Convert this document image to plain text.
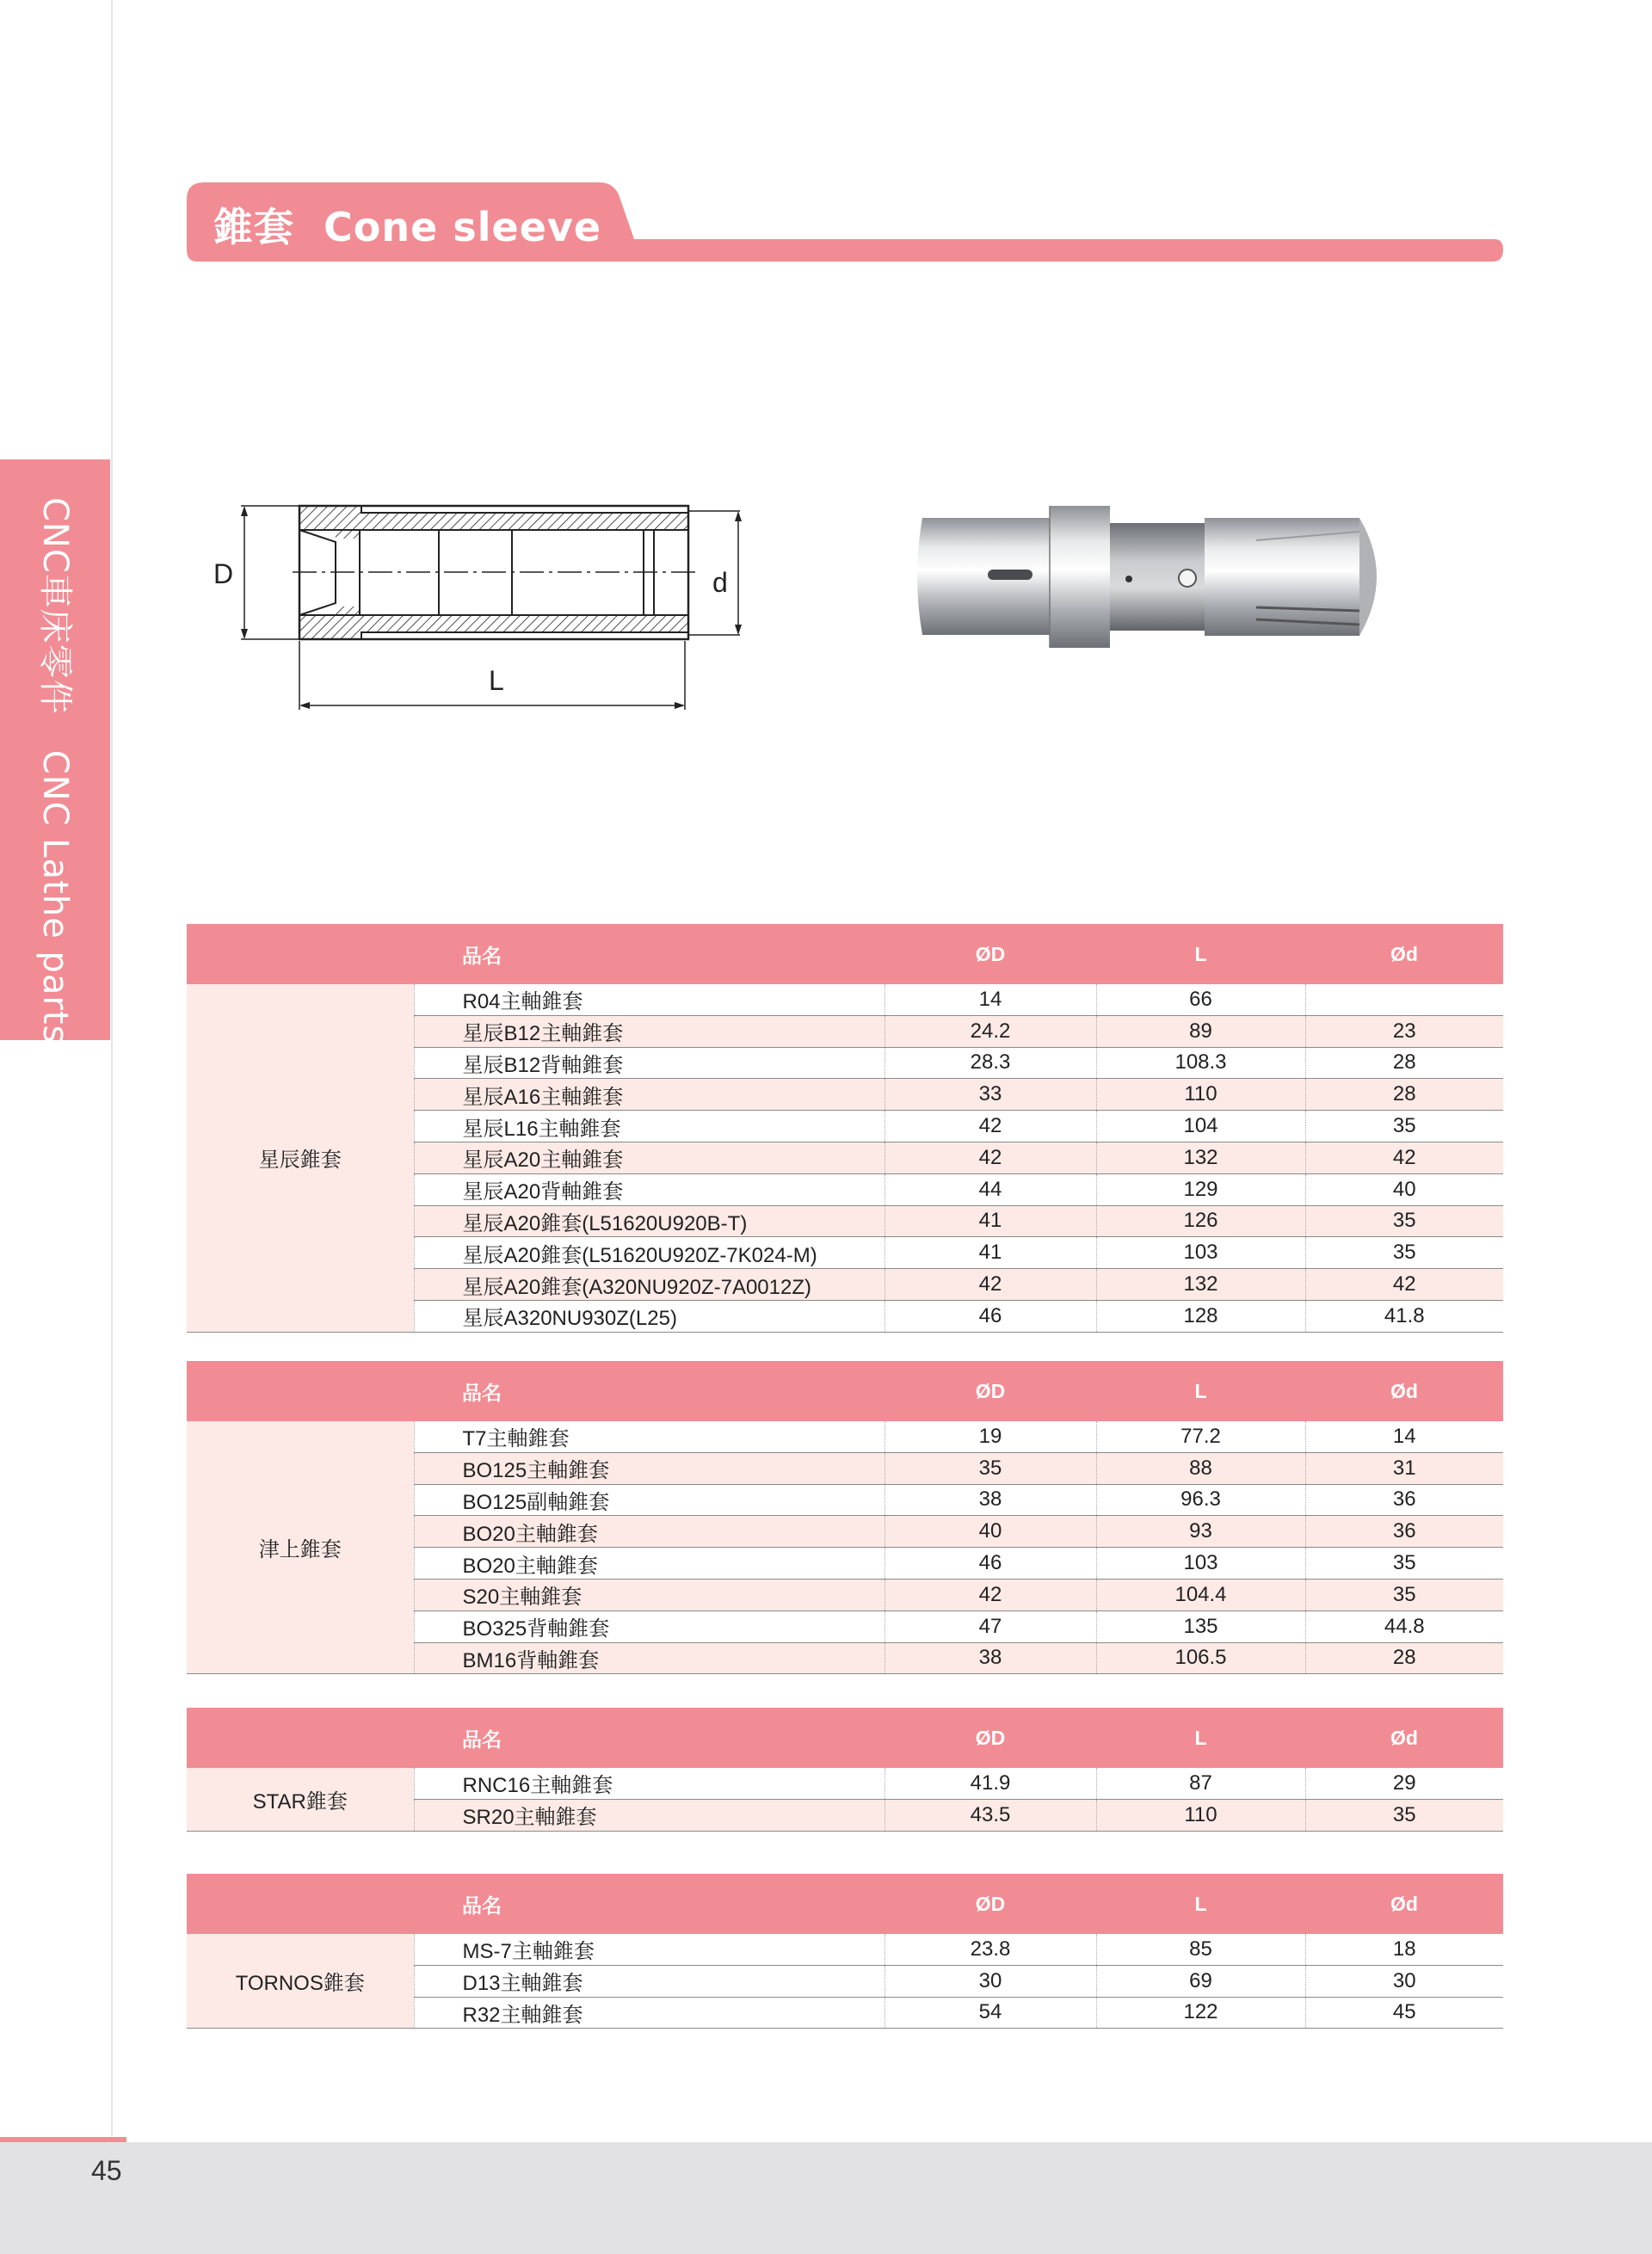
CNC車床零件　CNC Lathe parts
錐套 Cone sleeve
D	d
L
	品名	ØD	L	Ød
星辰錐套	R04主軸錐套	14	66	
	星辰B12主軸錐套	24.2	89	23
	星辰B12背軸錐套	28.3	108.3	28
	星辰A16主軸錐套	33	110	28
	星辰L16主軸錐套	42	104	35
	星辰A20主軸錐套	42	132	42
	星辰A20背軸錐套	44	129	40
	星辰A20錐套(L51620U920B-T)	41	126	35
	星辰A20錐套(L51620U920Z-7K024-M)	41	103	35
	星辰A20錐套(A320NU920Z-7A0012Z)	42	132	42
	星辰A320NU930Z(L25)	46	128	41.8
	品名	ØD	L	Ød
津上錐套	T7主軸錐套	19	77.2	14
	BO125主軸錐套	35	88	31
	BO125副軸錐套	38	96.3	36
	BO20主軸錐套	40	93	36
	BO20主軸錐套	46	103	35
	S20主軸錐套	42	104.4	35
	BO325背軸錐套	47	135	44.8
	BM16背軸錐套	38	106.5	28
	品名	ØD	L	Ød
STAR錐套	RNC16主軸錐套	41.9	87	29
	SR20主軸錐套	43.5	110	35
	品名	ØD	L	Ød
TORNOS錐套	MS-7主軸錐套	23.8	85	18
	D13主軸錐套	30	69	30
	R32主軸錐套	54	122	45
45
